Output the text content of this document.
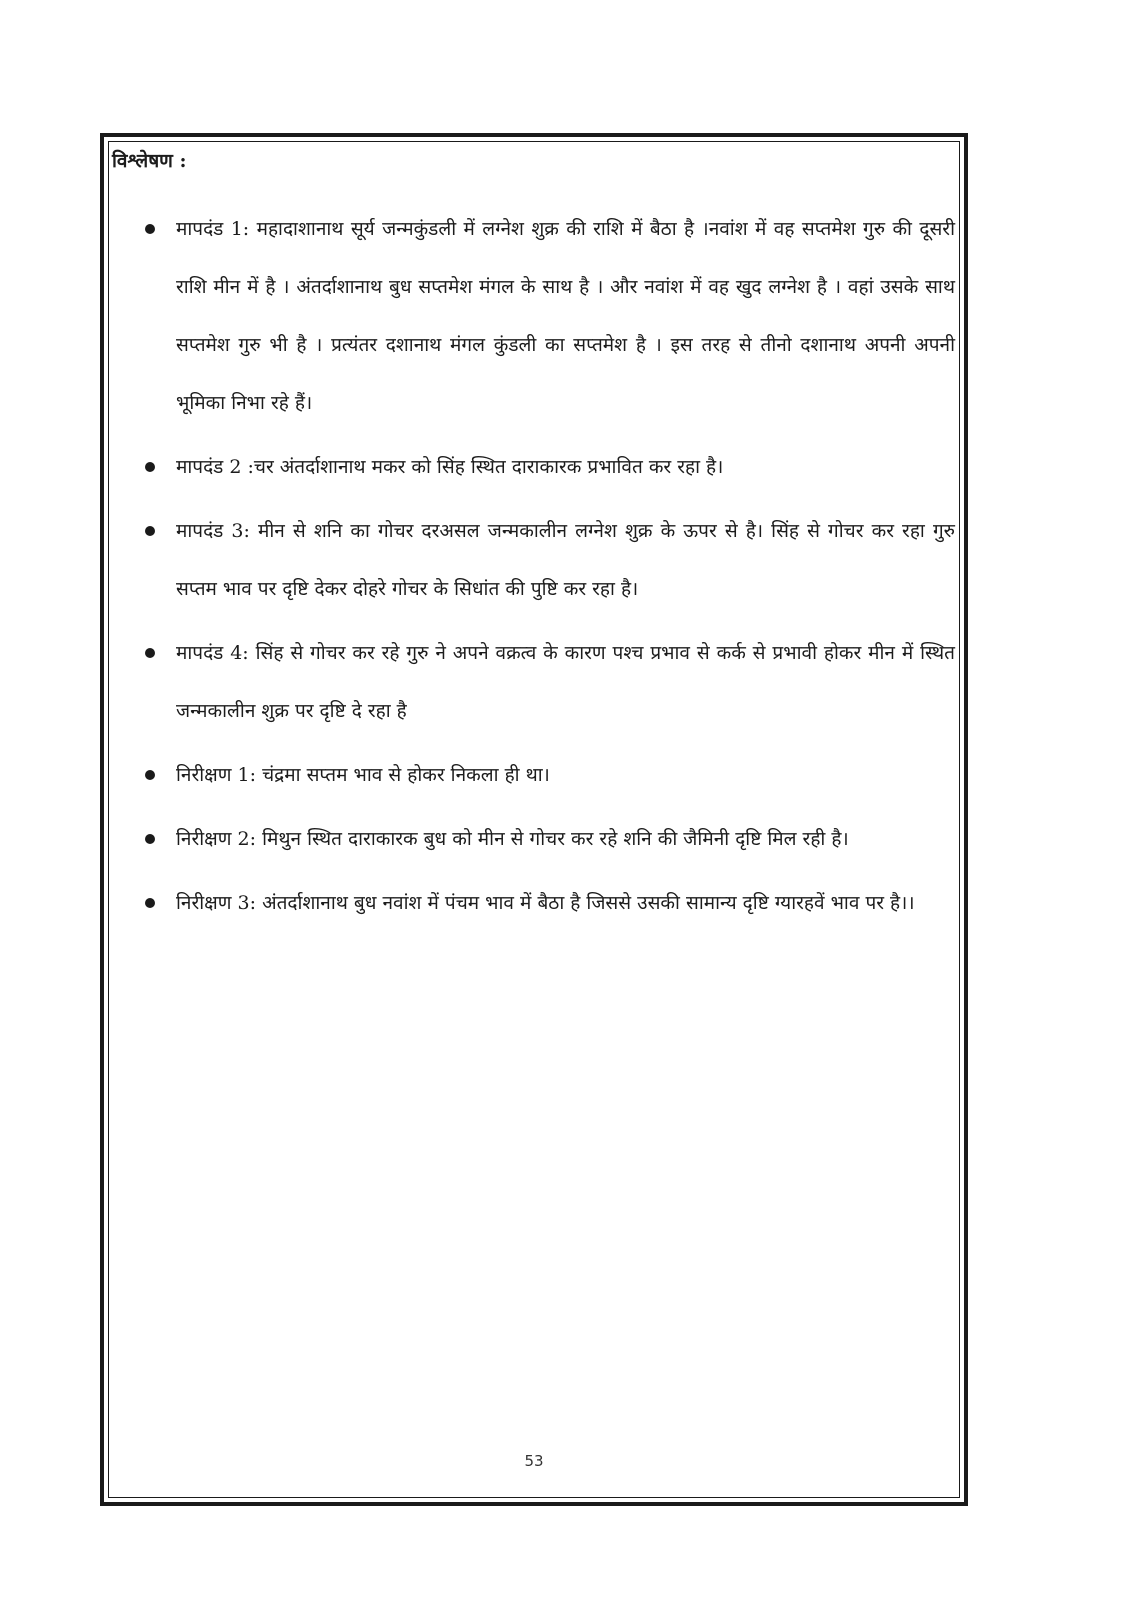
विश्लेषण :
मापदंड 1: महादाशानाथ सूर्य जन्मकुंडली में लग्नेश शुक्र की राशि में बैठा है ।नवांश में वह सप्तमेश गुरु की दूसरी राशि मीन में है । अंतर्दाशानाथ बुध सप्तमेश मंगल के साथ है । और नवांश में वह खुद लग्नेश है । वहां उसके साथ सप्तमेश गुरु भी है । प्रत्यंतर दशानाथ मंगल कुंडली का सप्तमेश है । इस तरह से तीनो दशानाथ अपनी अपनी भूमिका निभा रहे हैं।
मापदंड 2 :चर अंतर्दाशानाथ मकर को सिंह स्थित दाराकारक प्रभावित कर रहा है।
मापदंड 3: मीन से शनि का गोचर दरअसल जन्मकालीन लग्नेश शुक्र के ऊपर से है। सिंह से गोचर कर रहा गुरु सप्तम भाव पर दृष्टि देकर दोहरे गोचर के सिधांत की पुष्टि कर रहा है।
मापदंड 4: सिंह से गोचर कर रहे गुरु ने अपने वक्रत्व के कारण पश्च प्रभाव से कर्क से प्रभावी होकर मीन में स्थित जन्मकालीन शुक्र पर दृष्टि दे रहा है
निरीक्षण 1: चंद्रमा सप्तम भाव से होकर निकला ही था।
निरीक्षण 2: मिथुन स्थित दाराकारक बुध को मीन से गोचर कर रहे शनि की जैमिनी दृष्टि मिल रही है।
निरीक्षण 3: अंतर्दाशानाथ बुध नवांश में पंचम भाव में बैठा है जिससे उसकी सामान्य दृष्टि ग्यारहवें भाव पर है।।
53
